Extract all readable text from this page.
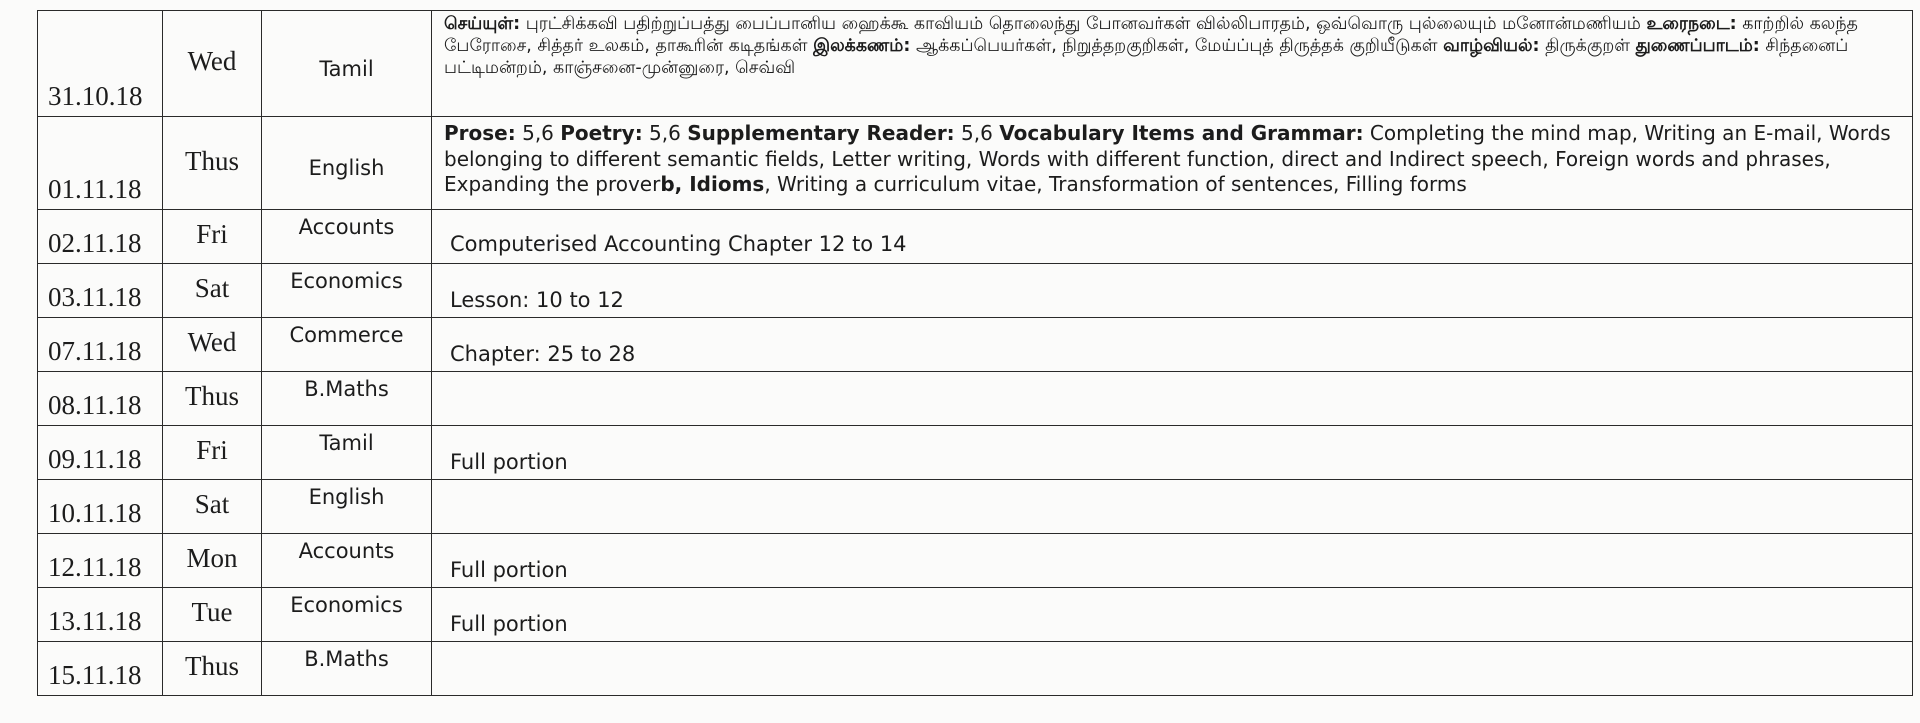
31.10.18	Wed	Tamil	செய்யுள்: புரட்சிக்கவி பதிற்றுப்பத்து பைப்பானிய ஹைக்கூ காவியம் தொலைந்து போனவர்கள் வில்லிபாரதம், ஒவ்வொரு புல்லையும் மனோன்மணியம் உரைநடை: காற்றில் கலந்த பேரோசை, சித்தர் உலகம், தாகூரின் கடிதங்கள் இலக்கணம்: ஆக்கப்பெயர்கள், நிறுத்தறகுறிகள், மேய்ப்புத் திருத்தக் குறியீடுகள் வாழ்வியல்: திருக்குறள் துணைப்பாடம்: சிந்தனைப் பட்டிமன்றம், காஞ்சனை-முன்னுரை, செவ்வி
01.11.18	Thus	English	Prose: 5,6 Poetry: 5,6 Supplementary Reader: 5,6 Vocabulary Items and Grammar: Completing the mind map, Writing an E-mail, Words belonging to different semantic fields, Letter writing, Words with different function, direct and Indirect speech, Foreign words and phrases, Expanding the proverb, Idioms, Writing a curriculum vitae, Transformation of sentences, Filling forms
02.11.18	Fri	Accounts	Computerised Accounting Chapter 12 to 14
03.11.18	Sat	Economics	Lesson: 10 to 12
07.11.18	Wed	Commerce	Chapter: 25 to 28
08.11.18	Thus	B.Maths	
09.11.18	Fri	Tamil	Full portion
10.11.18	Sat	English	
12.11.18	Mon	Accounts	Full portion
13.11.18	Tue	Economics	Full portion
15.11.18	Thus	B.Maths	
